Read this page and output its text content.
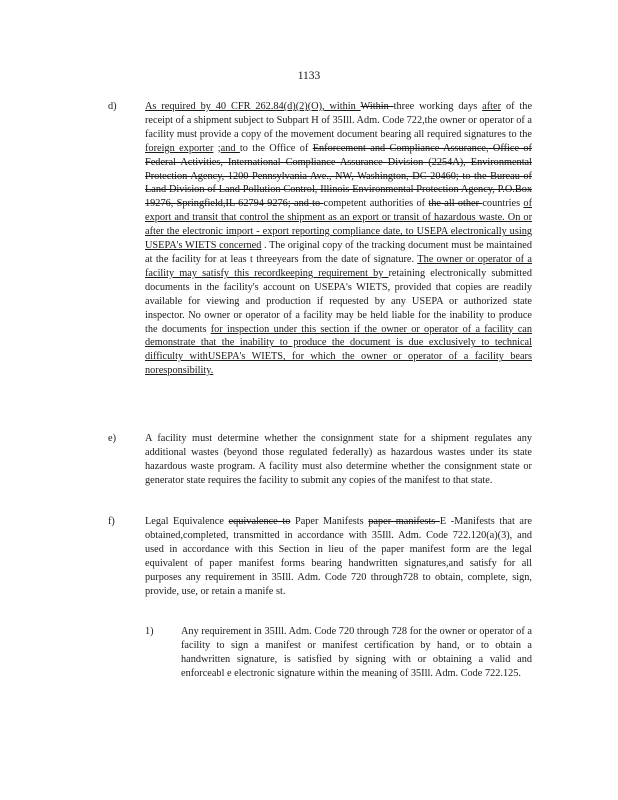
1133
d)	As required by 40 CFR 262.84(d)(2)(O), within Within three working days after of the receipt of a shipment subject to Subpart H of 35Ill. Adm. Code 722,the owner or operator of a facility must provide a copy of the movement document bearing all required signatures to the foreign exporter ;and to the Office of Enforcement and Compliance Assurance, Office of Federal Activities, International Compliance Assurance Division (2254A), Environmental Protection Agency, 1200 Pennsylvania Ave., NW, Washington, DC 20460; to the Bureau of Land Division of Land Pollution Control, Illinois Environmental Protection Agency, P.O.Box 19276, Springfield,IL 62794 9276; and to competent authorities of the all other countries of export and transit that control the shipment as an export or transit of hazardous waste. On or after the electronic import - export reporting compliance date, to USEPA electronically using USEPA's WIETS concerned . The original copy of the tracking document must be maintained at the facility for at leas t threeyears from the date of signature. The owner or operator of a facility may satisfy this recordkeeping requirement by retaining electronically submitted documents in the facility's account on USEPA's WIETS, provided that copies are readily available for viewing and production if requested by any USEPA or authorized state inspector. No owner or operator of a facility may be held liable for the inability to produce the documents for inspection under this section if the owner or operator of a facility can demonstrate that the inability to produce the document is due exclusively to technical difficulty withUSEPA's WIETS, for which the owner or operator of a facility bears noresponsibility.
e)	A facility must determine whether the consignment state for a shipment regulates any additional wastes (beyond those regulated federally) as hazardous wastes under its state hazardous waste program. A facility must also determine whether the consignment state or generator state requires the facility to submit any copies of the manifest to that state.
f)	Legal Equivalence equivalence to Paper Manifests paper manifests E -Manifests that are obtained,completed, transmitted in accordance with 35Ill. Adm. Code 722.120(a)(3), and used in accordance with this Section in lieu of the paper manifest form are the legal equivalent of paper manifest forms bearing handwritten signatures,and satisfy for all purposes any requirement in 35Ill. Adm. Code 720 through728 to obtain, complete, sign, provide, use, or retain a manife st.
1)	Any requirement in 35Ill. Adm. Code 720 through 728 for the owner or operator of a facility to sign a manifest or manifest certification by hand, or to obtain a handwritten signature, is satisfied by signing with or obtaining a valid and enforceabl e electronic signature within the meaning of 35Ill. Adm. Code 722.125.
